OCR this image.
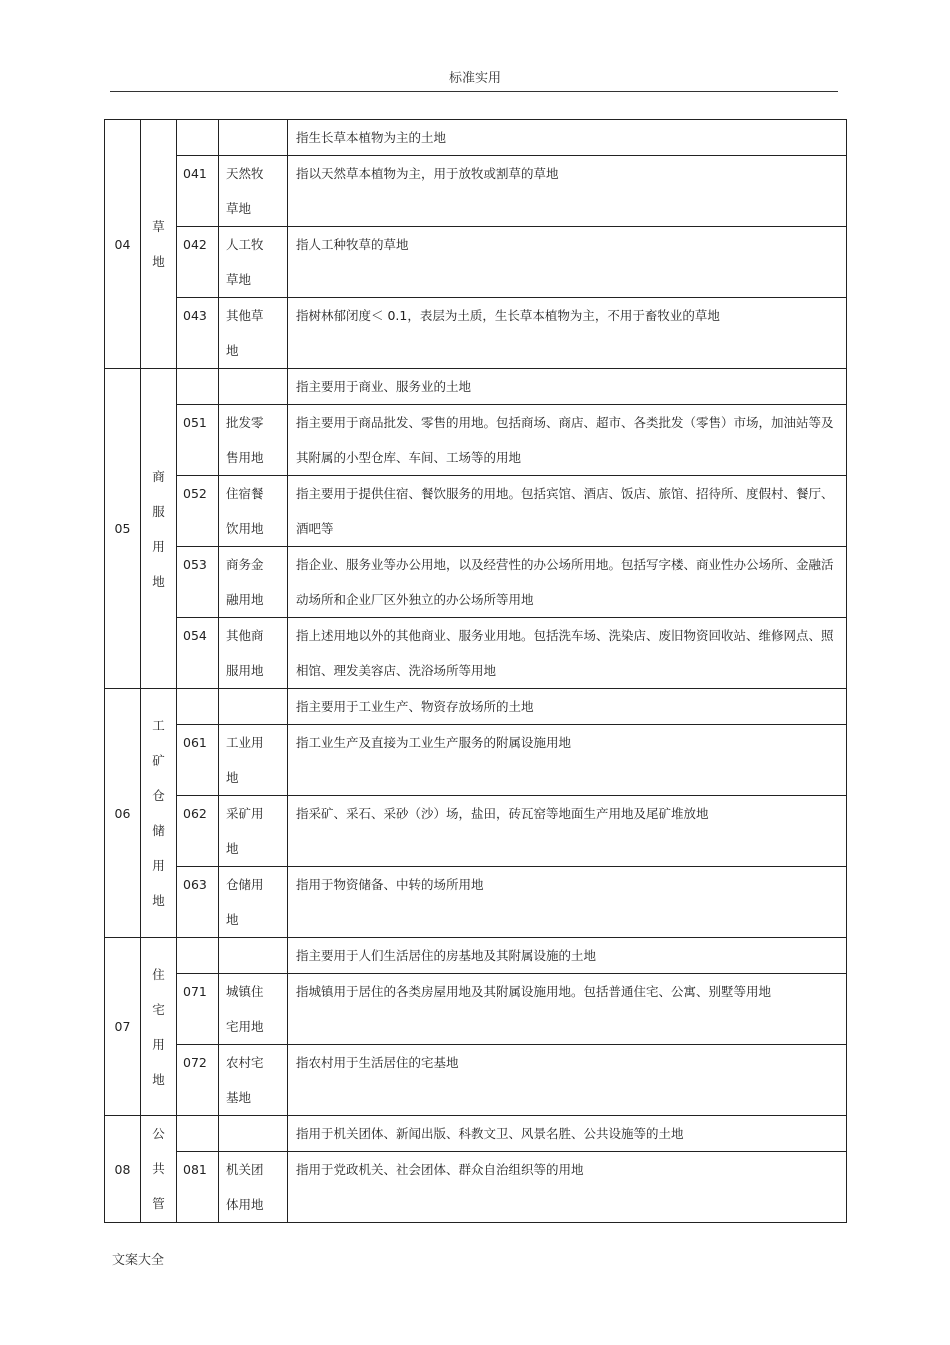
标准实用
04	草地			指生长草本植物为主的土地

		041	天然牧草地	指以天然草本植物为主，用于放牧或割草的草地

		042	人工牧草地	指人工种牧草的草地

		043	其他草地	指树林郁闭度＜ 0.1，表层为土质，生长草本植物为主，不用于畜牧业的草地

05	商服用地			指主要用于商业、服务业的土地

		051	批发零售用地	指主要用于商品批发、零售的用地。包括商场、商店、超市、各类批发（零售）市场，加油站等及其附属的小型仓库、车间、工场等的用地

		052	住宿餐饮用地	指主要用于提供住宿、餐饮服务的用地。包括宾馆、酒店、饭店、旅馆、招待所、度假村、餐厅、酒吧等

		053	商务金融用地	指企业、服务业等办公用地，以及经营性的办公场所用地。包括写字楼、商业性办公场所、金融活动场所和企业厂区外独立的办公场所等用地

		054	其他商服用地	指上述用地以外的其他商业、服务业用地。包括洗车场、洗染店、废旧物资回收站、维修网点、照相馆、理发美容店、洗浴场所等用地

06	工矿仓储用地			指主要用于工业生产、物资存放场所的土地

		061	工业用地	指工业生产及直接为工业生产服务的附属设施用地

		062	采矿用地	指采矿、采石、采砂（沙）场，盐田，砖瓦窑等地面生产用地及尾矿堆放地

		063	仓储用地	指用于物资储备、中转的场所用地

07	住宅用地			指主要用于人们生活居住的房基地及其附属设施的土地

		071	城镇住宅用地	指城镇用于居住的各类房屋用地及其附属设施用地。包括普通住宅、公寓、别墅等用地

		072	农村宅基地	指农村用于生活居住的宅基地

08	公共管			指用于机关团体、新闻出版、科教文卫、风景名胜、公共设施等的土地

		081	机关团体用地	指用于党政机关、社会团体、群众自治组织等的用地
文案大全
